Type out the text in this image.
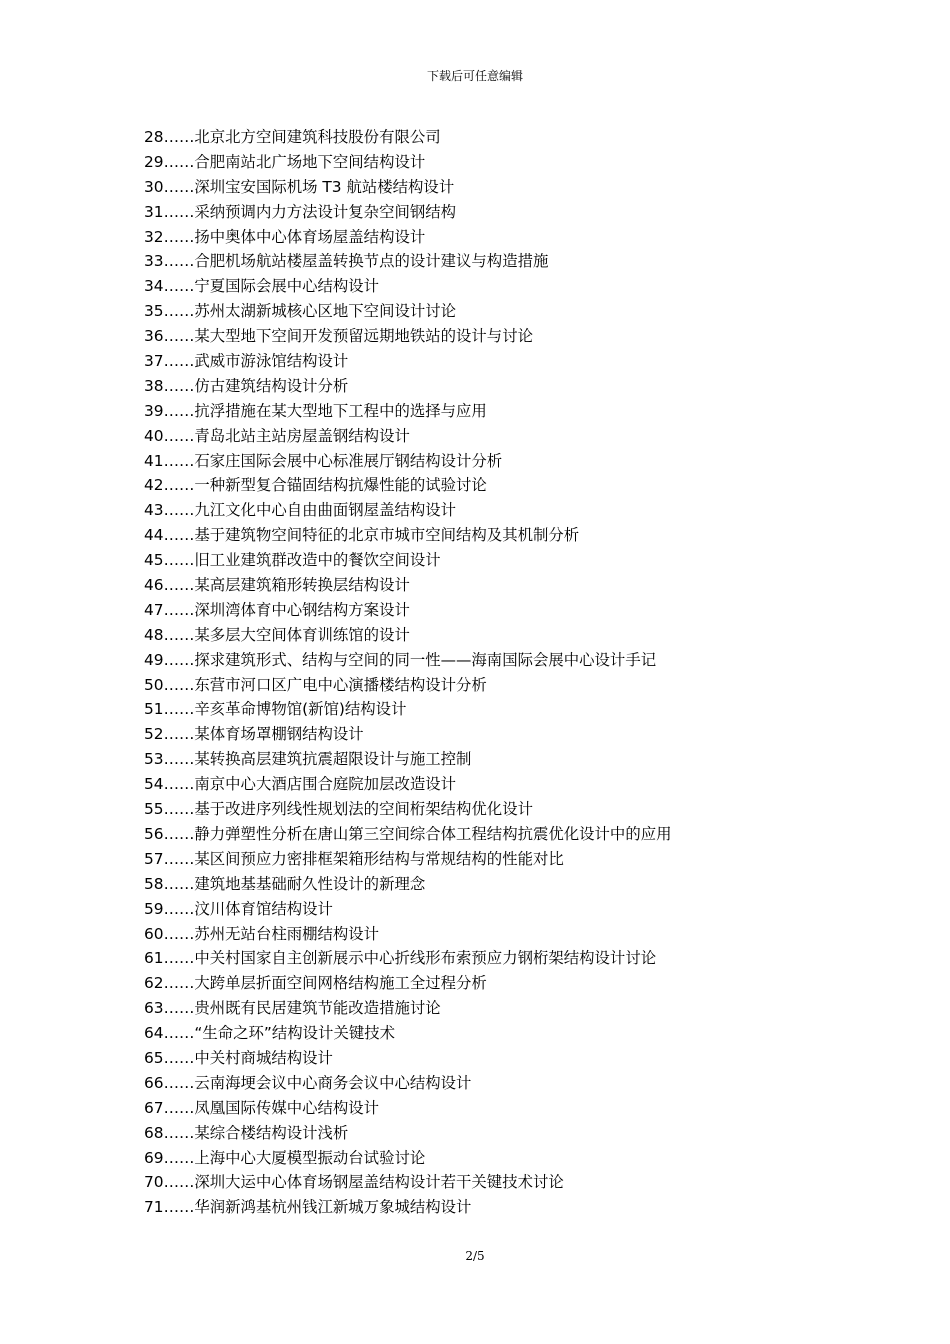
下载后可任意编辑
28……北京北方空间建筑科技股份有限公司
29……合肥南站北广场地下空间结构设计
30……深圳宝安国际机场 T3 航站楼结构设计
31……采纳预调内力方法设计复杂空间钢结构
32……扬中奥体中心体育场屋盖结构设计
33……合肥机场航站楼屋盖转换节点的设计建议与构造措施
34……宁夏国际会展中心结构设计
35……苏州太湖新城核心区地下空间设计讨论
36……某大型地下空间开发预留远期地铁站的设计与讨论
37……武威市游泳馆结构设计
38……仿古建筑结构设计分析
39……抗浮措施在某大型地下工程中的选择与应用
40……青岛北站主站房屋盖钢结构设计
41……石家庄国际会展中心标准展厅钢结构设计分析
42……一种新型复合锚固结构抗爆性能的试验讨论
43……九江文化中心自由曲面钢屋盖结构设计
44……基于建筑物空间特征的北京市城市空间结构及其机制分析
45……旧工业建筑群改造中的餐饮空间设计
46……某高层建筑箱形转换层结构设计
47……深圳湾体育中心钢结构方案设计
48……某多层大空间体育训练馆的设计
49……探求建筑形式、结构与空间的同一性——海南国际会展中心设计手记
50……东营市河口区广电中心演播楼结构设计分析
51……辛亥革命博物馆(新馆)结构设计
52……某体育场罩棚钢结构设计
53……某转换高层建筑抗震超限设计与施工控制
54……南京中心大酒店围合庭院加层改造设计
55……基于改进序列线性规划法的空间桁架结构优化设计
56……静力弹塑性分析在唐山第三空间综合体工程结构抗震优化设计中的应用
57……某区间预应力密排框架箱形结构与常规结构的性能对比
58……建筑地基基础耐久性设计的新理念
59……汶川体育馆结构设计
60……苏州无站台柱雨棚结构设计
61……中关村国家自主创新展示中心折线形布索预应力钢桁架结构设计讨论
62……大跨单层折面空间网格结构施工全过程分析
63……贵州既有民居建筑节能改造措施讨论
64……“生命之环”结构设计关键技术
65……中关村商城结构设计
66……云南海埂会议中心商务会议中心结构设计
67……凤凰国际传媒中心结构设计
68……某综合楼结构设计浅析
69……上海中心大厦模型振动台试验讨论
70……深圳大运中心体育场钢屋盖结构设计若干关键技术讨论
71……华润新鸿基杭州钱江新城万象城结构设计
2/5
